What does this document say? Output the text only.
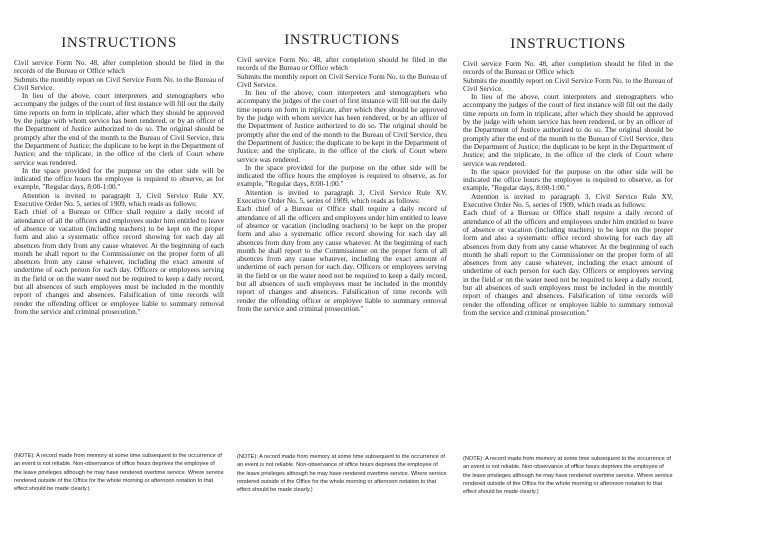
INSTRUCTIONS

Civil service Form No. 48, after completion should be filed in the records of the Bureau or Office which

Submits the monthly report on Civil Service Form No. to the Bureau of Civil Service.

In lieu of the above, court interpreters and stenographers who accompany the judges of the court of first instance will fill out the daily time reports on form in triplicate, after which they should be approved by the judge with whom service has been rendered, or by an officer of the Department of Justice authorized to do so. The original should be promptly after the end of the month to the Bureau of Civil Service, thru the Department of Justice; the duplicate to be kept in the Department of Justice; and the triplicate, in the office of the clerk of Court where service was rendered.

In the space provided for the purpose on the other side will be indicated the office hours the employee is required to observe, as for example, "Regular days, 8:00-1:00."

Attention is invited to paragraph 3, Civil Service Rule XV, Executive Order No. 5, series of 1909, which reads as follows:

Each chief of a Bureau or Office shall require a daily record of attendance of all the officers and employees under him entitled to leave of absence or vacation (including teachers) to be kept on the proper form and also a systematic office record showing for each day all absences from duty from any cause whatever. At the beginning of each month he shall report to the Commissioner on the proper form of all absences from any cause whatever, including the exact amount of undertime of each person for each day. Officers or employees serving in the field or on the water need not be required to keep a daily record, but all absences of such employees must be included in the monthly report of changes and absences. Falsification of time records will render the offending officer or employee liable to summary removal from the service and criminal prosecution."

(NOTE): A record made from memory at some time subsequent to the occurrence of an event is not reliable. Non-observance of office hours deprives the employee of the leave privileges although he may have rendered overtime service. Where service rendered outside of the Office for the whole morning or afternoon notation to that effect should be made clearly.)
INSTRUCTIONS

Civil service Form No. 48, after completion should be filed in the records of the Bureau or Office which

Submits the monthly report on Civil Service Form No. to the Bureau of Civil Service.

In lieu of the above, court interpreters and stenographers who accompany the judges of the court of first instance will fill out the daily time reports on form in triplicate, after which they should be approved by the judge with whom service has been rendered, or by an officer of the Department of Justice authorized to do so. The original should be promptly after the end of the month to the Bureau of Civil Service, thru the Department of Justice; the duplicate to be kept in the Department of Justice; and the triplicate, in the office of the clerk of Court where service was rendered.

In the space provided for the purpose on the other side will be indicated the office hours the employee is required to observe, as for example, "Regular days, 8:00-1:00."

Attention is invited to paragraph 3, Civil Service Rule XV, Executive Order No. 5, series of 1909, which reads as follows:

Each chief of a Bureau or Office shall require a daily record of attendance of all the officers and employees under him entitled to leave of absence or vacation (including teachers) to be kept on the proper form and also a systematic office record showing for each day all absences from duty from any cause whatever. At the beginning of each month he shall report to the Commissioner on the proper form of all absences from any cause whatever, including the exact amount of undertime of each person for each day. Officers or employees serving in the field or on the water need not be required to keep a daily record, but all absences of such employees must be included in the monthly report of changes and absences. Falsification of time records will render the offending officer or employee liable to summary removal from the service and criminal prosecution."

(NOTE): A record made from memory at some time subsequent to the occurrence of an event is not reliable. Non-observance of office hours deprives the employee of the leave privileges although he may have rendered overtime service. Where service rendered outside of the Office for the whole morning or afternoon notation to that effect should be made clearly.)
INSTRUCTIONS

Civil service Form No. 48, after completion should be filed in the records of the Bureau or Office which

Submits the monthly report on Civil Service Form No. to the Bureau of Civil Service.

In lieu of the above, court interpreters and stenographers who accompany the judges of the court of first instance will fill out the daily time reports on form in triplicate, after which they should be approved by the judge with whom service has been rendered, or by an officer of the Department of Justice authorized to do so. The original should be promptly after the end of the month to the Bureau of Civil Service, thru the Department of Justice; the duplicate to be kept in the Department of Justice; and the triplicate, in the office of the clerk of Court where service was rendered.

In the space provided for the purpose on the other side will be indicated the office hours the employee is required to observe, as for example, "Regular days, 8:00-1:00."

Attention is invited to paragraph 3, Civil Service Rule XV, Executive Order No. 5, series of 1909, which reads as follows:

Each chief of a Bureau or Office shall require a daily record of attendance of all the officers and employees under him entitled to leave of absence or vacation (including teachers) to be kept on the proper form and also a systematic office record showing for each day all absences from duty from any cause whatever. At the beginning of each month he shall report to the Commissioner on the proper form of all absences from any cause whatever, including the exact amount of undertime of each person for each day. Officers or employees serving in the field or on the water need not be required to keep a daily record, but all absences of such employees must be included in the monthly report of changes and absences. Falsification of time records will render the offending officer or employee liable to summary removal from the service and criminal prosecution."

(NOTE): A record made from memory at some time subsequent to the occurrence of an event is not reliable. Non-observance of office hours deprives the employee of the leave privileges although he may have rendered overtime service. Where service rendered outside of the Office for the whole morning or afternoon notation to that effect should be made clearly.)
